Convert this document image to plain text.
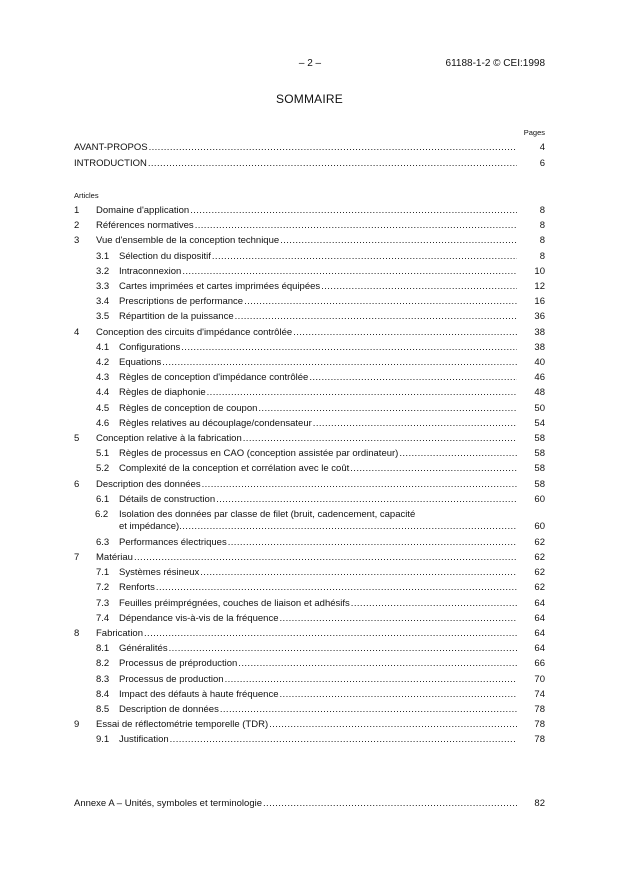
– 2 –	61188-1-2 © CEI:1998
SOMMAIRE
Pages
AVANT-PROPOS .....	4
INTRODUCTION .....	6
Articles
1	Domaine d'application .....	8
2	Références normatives .....	8
3	Vue d'ensemble de la conception technique .....	8
3.1	Sélection du dispositif .....	8
3.2	Intraconnexion .....	10
3.3	Cartes imprimées et cartes imprimées équipées .....	12
3.4	Prescriptions de performance .....	16
3.5	Répartition de la puissance .....	36
4	Conception des circuits d'impédance contrôlée .....	38
4.1	Configurations .....	38
4.2	Equations .....	40
4.3	Règles de conception d'impédance contrôlée .....	46
4.4	Règles de diaphonie .....	48
4.5	Règles de conception de coupon .....	50
4.6	Règles relatives au découplage/condensateur .....	54
5	Conception relative à la fabrication .....	58
5.1	Règles de processus en CAO (conception assistée par ordinateur) .....	58
5.2	Complexité de la conception et corrélation avec le coût .....	58
6	Description des données .....	58
6.1	Détails de construction .....	60
6.2 Isolation des données par classe de filet (bruit, cadencement, capacité
et impédance) .....	60
6.3	Performances électriques .....	62
7	Matériau .....	62
7.1	Systèmes résineux .....	62
7.2	Renforts .....	62
7.3	Feuilles préimprégnées, couches de liaison et adhésifs .....	64
7.4	Dépendance vis-à-vis de la fréquence .....	64
8	Fabrication .....	64
8.1	Généralités .....	64
8.2	Processus de préproduction .....	66
8.3	Processus de production .....	70
8.4	Impact des défauts à haute fréquence .....	74
8.5	Description de données .....	78
9	Essai de réflectométrie temporelle (TDR) .....	78
9.1	Justification .....	78
Annexe A – Unités, symboles et terminologie .....	82
